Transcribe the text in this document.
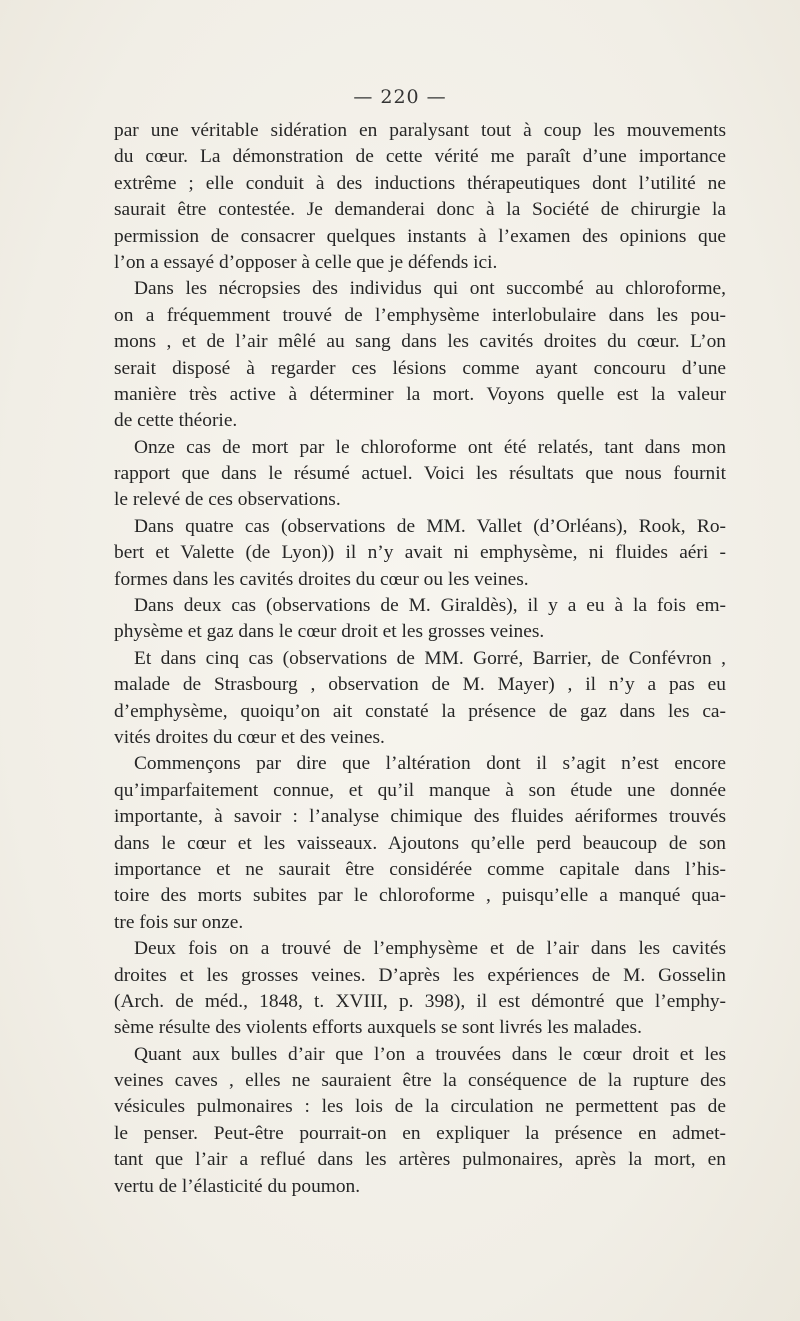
— 220 —
par une véritable sidération en paralysant tout à coup les mouvements
du cœur. La démonstration de cette vérité me paraît d’une importance
extrême ; elle conduit à des inductions thérapeutiques dont l’utilité ne
saurait être contestée. Je demanderai donc à la Société de chirurgie la
permission de consacrer quelques instants à l’examen des opinions que
l’on a essayé d’opposer à celle que je défends ici.
Dans les nécropsies des individus qui ont succombé au chloroforme,
on a fréquemment trouvé de l’emphysème interlobulaire dans les pou-
mons , et de l’air mêlé au sang dans les cavités droites du cœur. L’on
serait disposé à regarder ces lésions comme ayant concouru d’une
manière très active à déterminer la mort. Voyons quelle est la valeur
de cette théorie.
Onze cas de mort par le chloroforme ont été relatés, tant dans mon
rapport que dans le résumé actuel. Voici les résultats que nous fournit
le relevé de ces observations.
Dans quatre cas (observations de MM. Vallet (d’Orléans), Rook, Ro-
bert et Valette (de Lyon)) il n’y avait ni emphysème, ni fluides aéri -
formes dans les cavités droites du cœur ou les veines.
Dans deux cas (observations de M. Giraldès), il y a eu à la fois em-
physème et gaz dans le cœur droit et les grosses veines.
Et dans cinq cas (observations de MM. Gorré, Barrier, de Confévron ,
malade de Strasbourg , observation de M. Mayer) , il n’y a pas eu
d’emphysème, quoiqu’on ait constaté la présence de gaz dans les ca-
vités droites du cœur et des veines.
Commençons par dire que l’altération dont il s’agit n’est encore
qu’imparfaitement connue, et qu’il manque à son étude une donnée
importante, à savoir : l’analyse chimique des fluides aériformes trouvés
dans le cœur et les vaisseaux. Ajoutons qu’elle perd beaucoup de son
importance et ne saurait être considérée comme capitale dans l’his-
toire des morts subites par le chloroforme , puisqu’elle a manqué qua-
tre fois sur onze.
Deux fois on a trouvé de l’emphysème et de l’air dans les cavités
droites et les grosses veines. D’après les expériences de M. Gosselin
(Arch. de méd., 1848, t. XVIII, p. 398), il est démontré que l’emphy-
sème résulte des violents efforts auxquels se sont livrés les malades.
Quant aux bulles d’air que l’on a trouvées dans le cœur droit et les
veines caves , elles ne sauraient être la conséquence de la rupture des
vésicules pulmonaires : les lois de la circulation ne permettent pas de
le penser. Peut-être pourrait-on en expliquer la présence en admet-
tant que l’air a reflué dans les artères pulmonaires, après la mort, en
vertu de l’élasticité du poumon.
